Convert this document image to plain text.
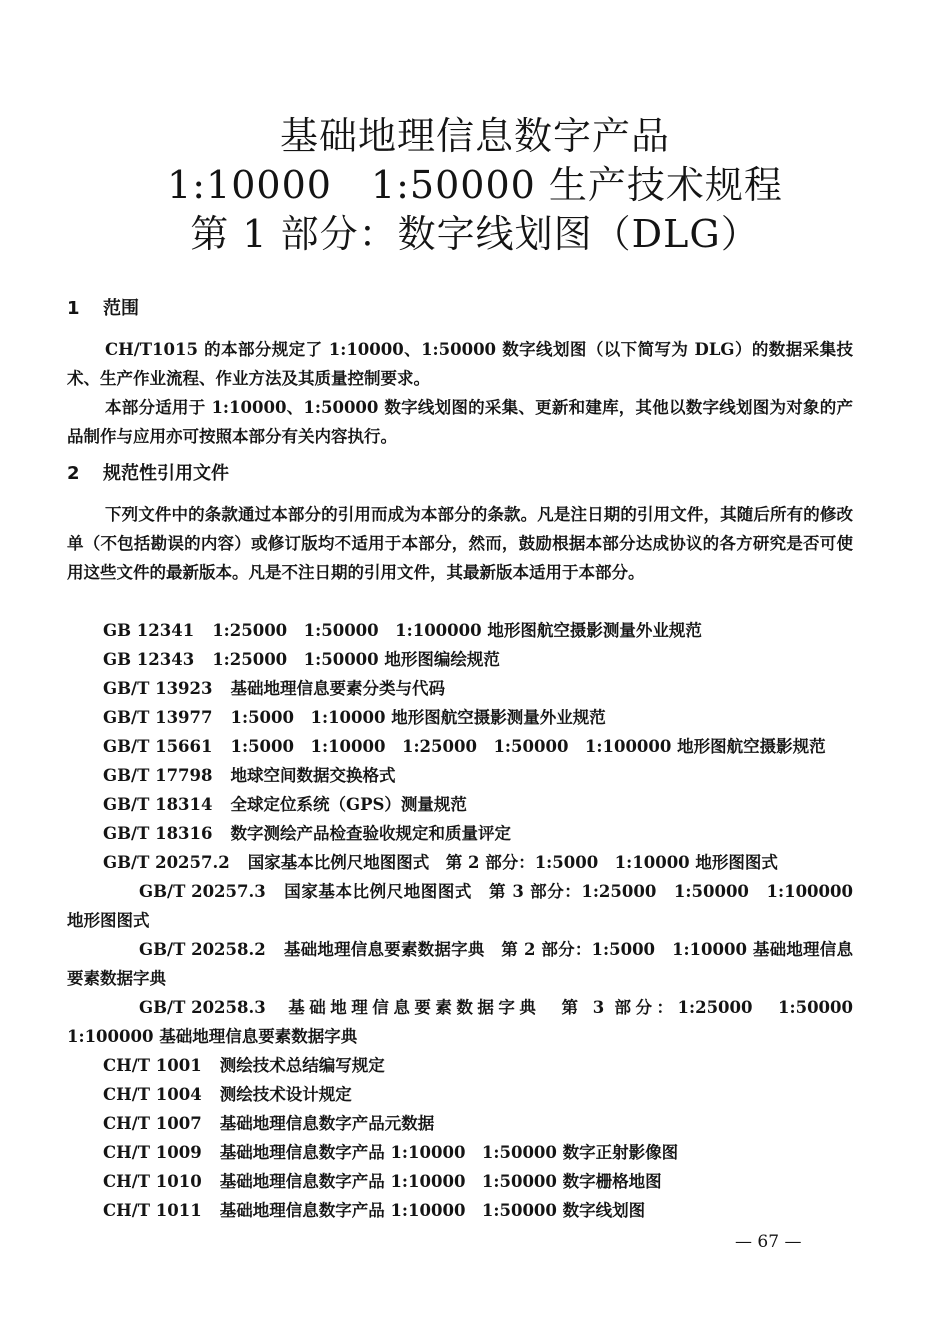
基础地理信息数字产品
1:10000　1:50000 生产技术规程
第 1 部分：数字线划图（DLG）
1 范围
CH/T1015 的本部分规定了 1:10000、1:50000 数字线划图（以下简写为 DLG）的数据采集技术、生产作业流程、作业方法及其质量控制要求。
本部分适用于 1:10000、1:50000 数字线划图的采集、更新和建库，其他以数字线划图为对象的产品制作与应用亦可按照本部分有关内容执行。
2 规范性引用文件
下列文件中的条款通过本部分的引用而成为本部分的条款。凡是注日期的引用文件，其随后所有的修改单（不包括勘误的内容）或修订版均不适用于本部分，然而，鼓励根据本部分达成协议的各方研究是否可使用这些文件的最新版本。凡是不注日期的引用文件，其最新版本适用于本部分。
GB 12341 1:25000　1:50000　1:100000 地形图航空摄影测量外业规范
GB 12343 1:25000　1:50000 地形图编绘规范
GB/T 13923 基础地理信息要素分类与代码
GB/T 13977 1:5000　1:10000 地形图航空摄影测量外业规范
GB/T 15661 1:5000　1:10000　1:25000　1:50000　1:100000 地形图航空摄影规范
GB/T 17798 地球空间数据交换格式
GB/T 18314 全球定位系统（GPS）测量规范
GB/T 18316 数字测绘产品检查验收规定和质量评定
GB/T 20257.2 国家基本比例尺地图图式　第 2 部分：1:5000　1:10000 地形图图式
GB/T 20257.3 国家基本比例尺地图图式　第 3 部分：1:25000　1:50000　1:100000 地形图图式
GB/T 20258.2 基础地理信息要素数据字典　第 2 部分：1:5000　1:10000 基础地理信息要素数据字典
GB/T 20258.3 基础地理信息要素数据字典　第 3 部分：1:25000　1:50000　1:100000 基础地理信息要素数据字典
CH/T 1001 测绘技术总结编写规定
CH/T 1004 测绘技术设计规定
CH/T 1007 基础地理信息数字产品元数据
CH/T 1009 基础地理信息数字产品 1:10000　1:50000 数字正射影像图
CH/T 1010 基础地理信息数字产品 1:10000　1:50000 数字栅格地图
CH/T 1011 基础地理信息数字产品 1:10000　1:50000 数字线划图
— 67 —
